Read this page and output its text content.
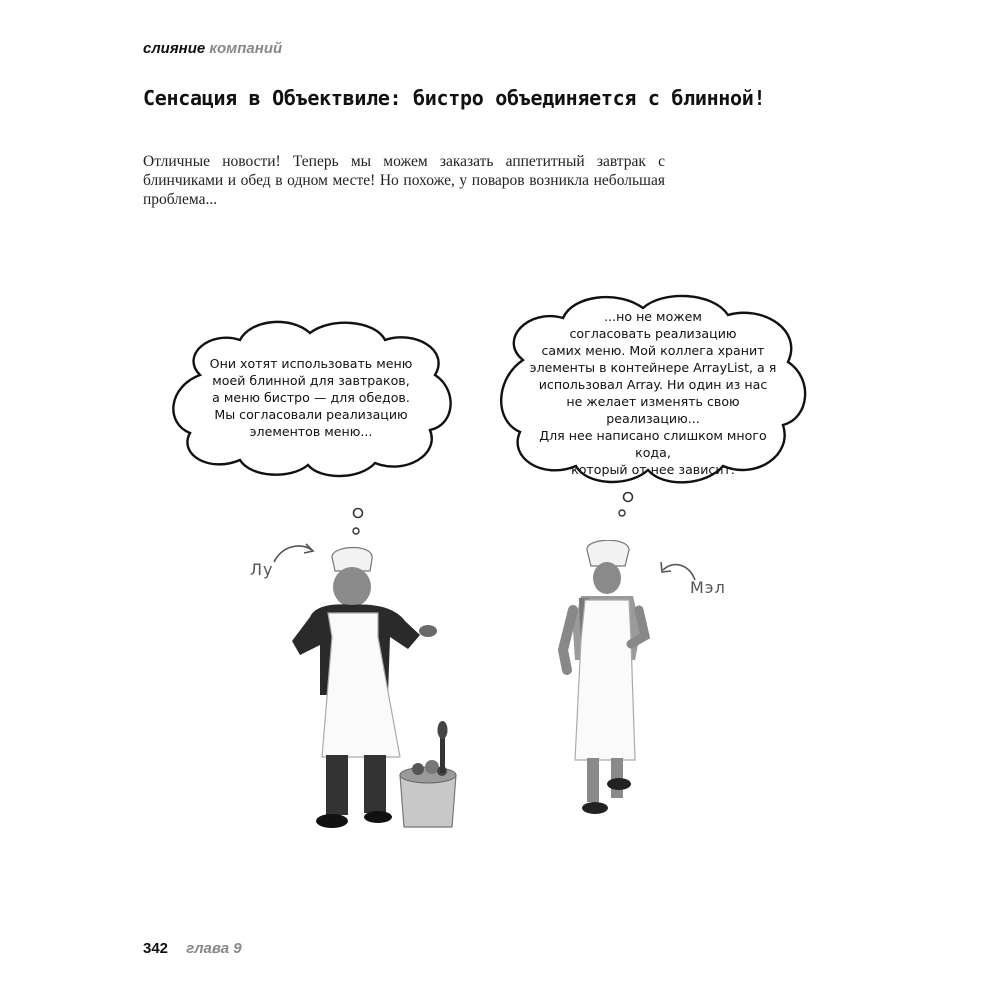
слияние компаний
Сенсация в Объектвиле: бистро объединяется с блинной!
Отличные новости! Теперь мы можем заказать аппетитный завтрак с блинчиками и обед в одном месте! Но похоже, у поваров возникла небольшая проблема...
Они хотят использовать меню
моей блинной для завтраков,
а меню бистро — для обедов.
Мы согласовали реализацию
элементов меню...
...но не можем
согласовать реализацию
самих меню. Мой коллега хранит
элементы в контейнере ArrayList, а я
использовал Array. Ни один из нас
не желает изменять свою реализацию...
Для нее написано слишком много кода,
который от нее зависит.
Лу
Мэл
342 глава 9
